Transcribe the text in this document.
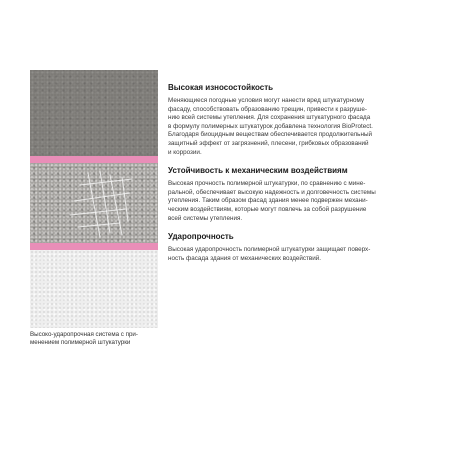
Высоко-ударопрочная система с при-
менением полимерной штукатурки
Высокая износостойкость

Меняющиеся погодные условия могут нанести вред штукатурному
фасаду, способствовать образованию трещин, привести к разруше-
нию всей системы утепления. Для сохранения штукатурного фасада
в формулу полимерных штукатурок добавлена технология BioProtect.
Благодаря биоцидным веществам обеспечивается продолжительный
защитный эффект от загрязнений, плесени, грибковых образований
и коррозии.

Устойчивость к механическим воздействиям

Высокая прочность полимерной штукатурки, по сравнению с мине-
ральной, обеспечивает высокую надежность и долговечность системы
утепления. Таким образом фасад здания менее подвержен механи-
ческим воздействиям, которые могут повлечь за собой разрушение
всей системы утепления.

Ударопрочность

Высокая ударопрочность полимерной штукатурки защищает поверх-
ность фасада здания от механических воздействий.
